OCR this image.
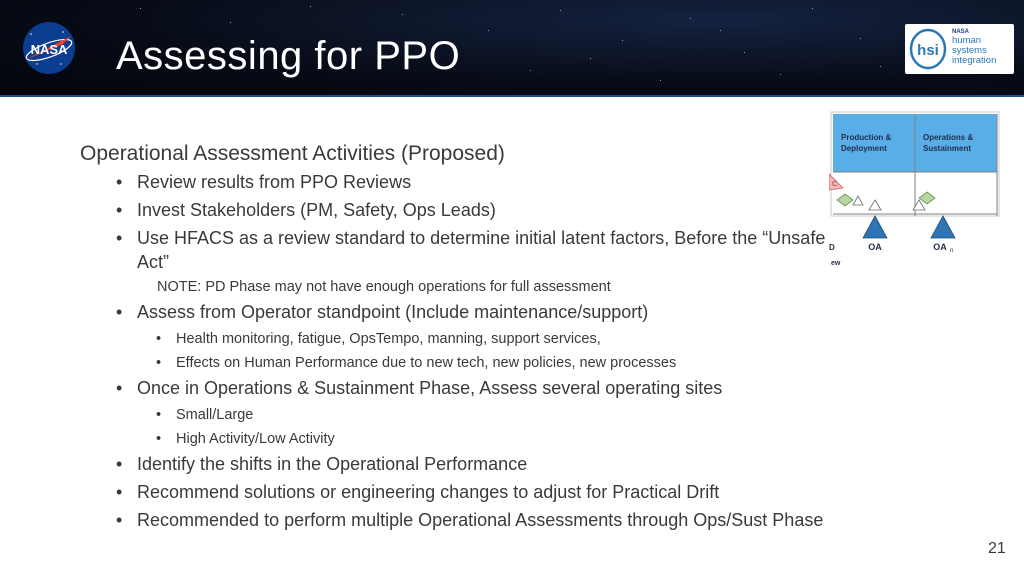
NASA Assessing for PPO	hsi
NASA
human
systems
integration
Operational Assessment Activities (Proposed)
• Review results from PPO Reviews
• Invest Stakeholders (PM, Safety, Ops Leads)
• Use HFACS as a review standard to determine initial latent factors, Before the “Unsafe Act”
NOTE: PD Phase may not have enough operations for full assessment
• Assess from Operator standpoint (Include maintenance/support)
• Health monitoring, fatigue, OpsTempo, manning, support services,
• Effects on Human Performance due to new tech, new policies, new processes
• Once in Operations & Sustainment Phase, Assess several operating sites
• Small/Large
• High Activity/Low Activity
• Identify the shifts in the Operational Performance
• Recommend solutions or engineering changes to adjust for Practical Drift
• Recommended to perform multiple Operational Assessments through Ops/Sust Phase
Production &
Deployment
Operations &
Sustainment
C
D
ew
OA	OA n
21
